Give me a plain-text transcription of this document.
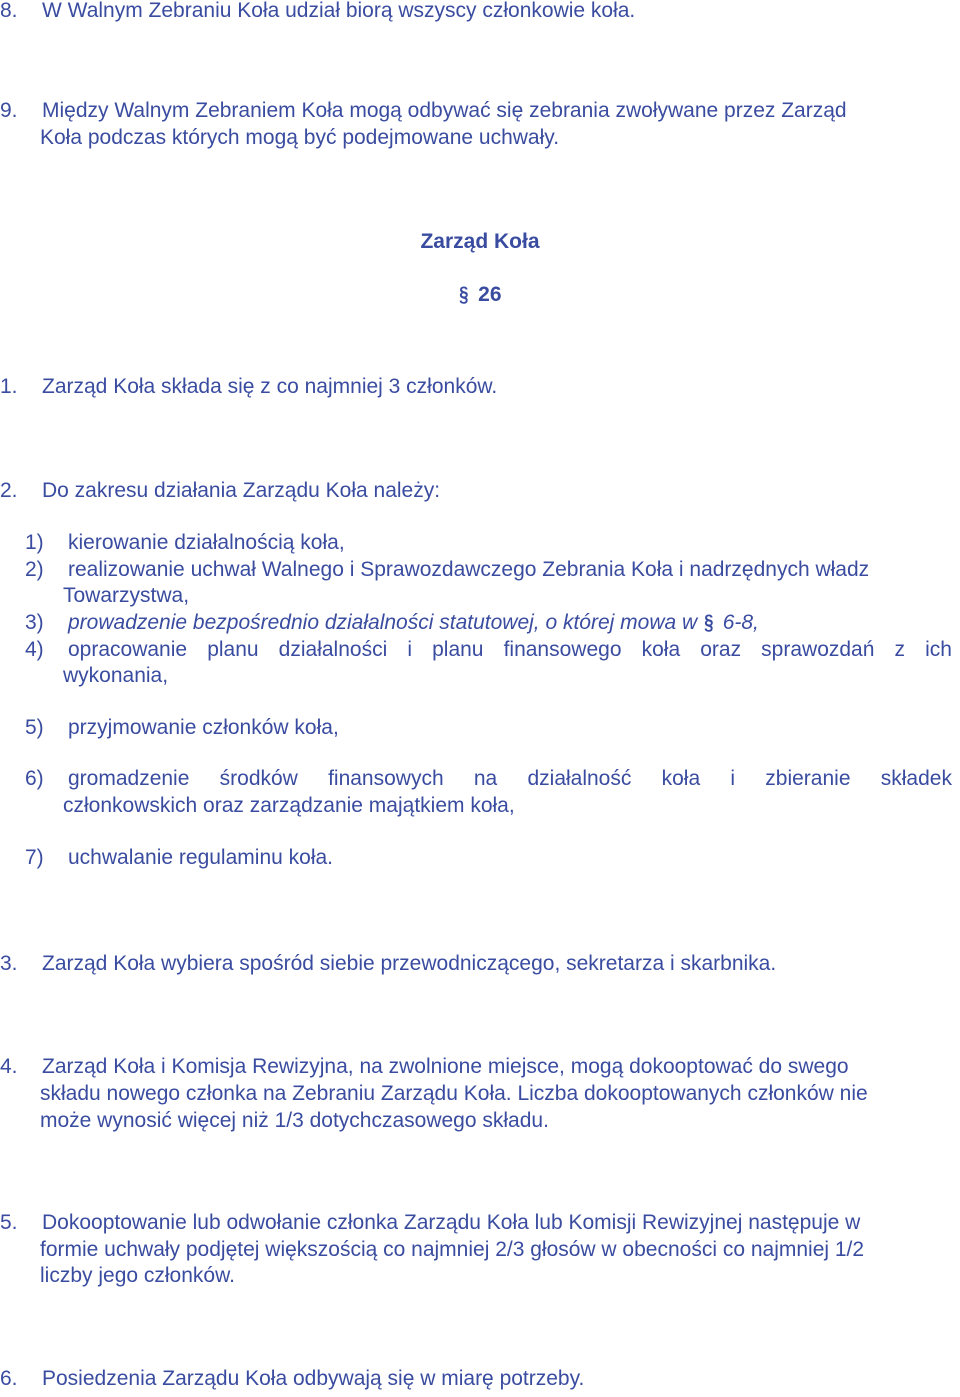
8. W Walnym Zebraniu Koła udział biorą wszyscy członkowie koła.
9. Między Walnym Zebraniem Koła mogą odbywać się zebrania zwoływane przez Zarząd
Koła podczas których mogą być podejmowane uchwały.
Zarząd Koła
§ 26
1. Zarząd Koła składa się z co najmniej 3 członków.
2. Do zakresu działania Zarządu Koła należy:
1) kierowanie działalnością koła,
2) realizowanie uchwał Walnego i Sprawozdawczego Zebrania Koła i nadrzędnych władz
Towarzystwa,
3) prowadzenie bezpośrednio działalności statutowej, o której mowa w § 6-8,
4) opracowanie planu działalności i planu finansowego koła oraz sprawozdań z ich
wykonania,
5) przyjmowanie członków koła,
6) gromadzenie środków finansowych na działalność koła i zbieranie składek
członkowskich oraz zarządzanie majątkiem koła,
7) uchwalanie regulaminu koła.
3. Zarząd Koła wybiera spośród siebie przewodniczącego, sekretarza i skarbnika.
4. Zarząd Koła i Komisja Rewizyjna, na zwolnione miejsce, mogą dokooptować do swego
składu nowego członka na Zebraniu Zarządu Koła. Liczba dokooptowanych członków nie
może wynosić więcej niż 1/3 dotychczasowego składu.
5. Dokooptowanie lub odwołanie członka Zarządu Koła lub Komisji Rewizyjnej następuje w
formie uchwały podjętej większością co najmniej 2/3 głosów w obecności co najmniej 1/2
liczby jego członków.
6. Posiedzenia Zarządu Koła odbywają się w miarę potrzeby.
